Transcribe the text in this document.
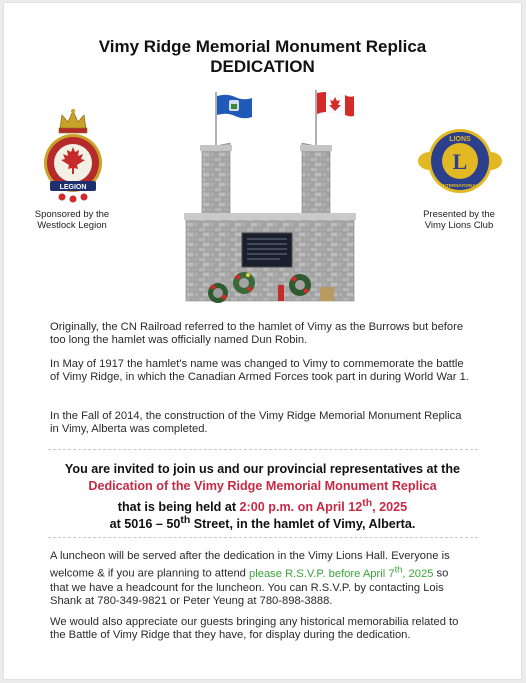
Vimy Ridge Memorial Monument Replica
DEDICATION
LEGION
Sponsored by the
Westlock Legion
L
LIONS
INTERNATIONAL
Presented by the
Vimy Lions Club
Originally, the CN Railroad referred to the hamlet of Vimy as the Burrows but before too long the hamlet was officially named Dun Robin.
In May of 1917 the hamlet's name was changed to Vimy to commemorate the battle of Vimy Ridge, in which the Canadian Armed Forces took part in during World War 1.
In the Fall of 2014, the construction of the Vimy Ridge Memorial Monument Replica in Vimy, Alberta was completed.
You are invited to join us and our provincial representatives at the
Dedication of the Vimy Ridge Memorial Monument Replica
that is being held at 2:00 p.m. on April 12th, 2025
at 5016 – 50th Street, in the hamlet of Vimy, Alberta.
A luncheon will be served after the dedication in the Vimy Lions Hall. Everyone is welcome & if you are planning to attend please R.S.V.P. before April 7th, 2025 so that we have a headcount for the luncheon. You can R.S.V.P. by contacting Lois Shank at 780-349-9821 or Peter Yeung at 780-898-3888.
We would also appreciate our guests bringing any historical memorabilia related to the Battle of Vimy Ridge that they have, for display during the dedication.
